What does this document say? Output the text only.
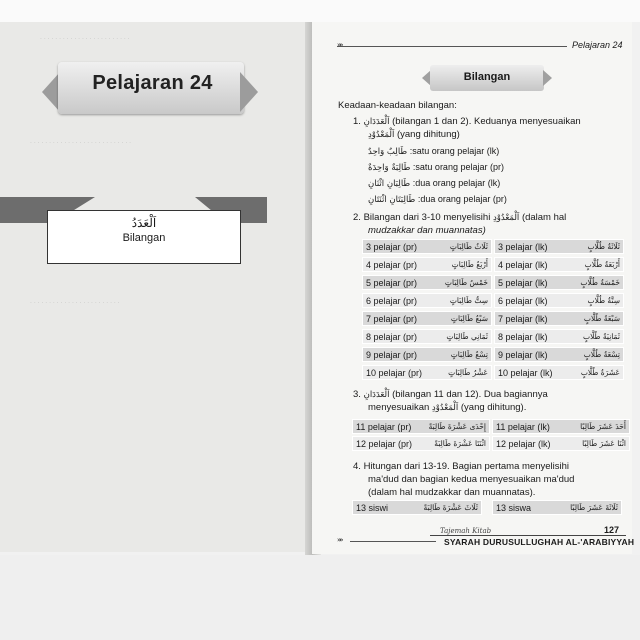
· · · · · · · · · · · · · · · · · · · · · · · ·
· · · · · · · · · · · · · · · · · · · · · · · · · · ·
· · · · · · · · · · · · · · · · · · · · · · · ·
Pelajaran 24
اَلْعَدَدُ
Bilangan
»»	Pelajaran 24
Bilangan
Keadaan-keadaan bilangan:
1. اَلْعَدَدَانِ (bilangan 1 dan 2). Keduanya menyesuaikan
اَلْمَعْدُوْدِ (yang dihitung)
طَالِبٌ وَاحِدٌ :satu orang pelajar (lk)
طَالِبَةٌ وَاحِدَةٌ :satu orang pelajar (pr)
طَالِبَانِ اثْنَانِ :dua orang pelajar (lk)
طَالِبَتَانِ اثْنَتَانِ :dua orang pelajar (pr)
2. Bilangan dari 3-10 menyelisihi اَلْمَعْدُوْدِ (dalam hal
mudzakkar dan muannatas)
3 pelajar (pr)	ثَلَاثُ طَالِبَاتٍ 3 pelajar (lk)	ثَلَاثَةُ طُلَّابٍ
4 pelajar (pr)	أَرْبَعُ طَالِبَاتٍ 4 pelajar (lk)	أَرْبَعَةُ طُلَّابٍ
5 pelajar (pr)	خَمْسُ طَالِبَاتٍ 5 pelajar (lk)	خَمْسَةُ طُلَّابٍ
6 pelajar (pr)	سِتُّ طَالِبَاتٍ 6 pelajar (lk)	سِتَّةُ طُلَّابٍ
7 pelajar (pr)	سَبْعُ طَالِبَاتٍ 7 pelajar (lk)	سَبْعَةُ طُلَّابٍ
8 pelajar (pr)	ثَمَانِي طَالِبَاتٍ 8 pelajar (lk)	ثَمَانِيَةُ طُلَّابٍ
9 pelajar (pr)	تِسْعُ طَالِبَاتٍ 9 pelajar (lk)	تِسْعَةُ طُلَّابٍ
10 pelajar (pr)	عَشْرُ طَالِبَاتٍ 10 pelajar (lk)	عَشَرَةُ طُلَّابٍ
3. اَلْعَدَدَانِ (bilangan 11 dan 12). Dua bagiannya
menyesuaikan اَلْمَعْدُوْدِ (yang dihitung).
11 pelajar (pr) إِحْدَى عَشْرَةَ طَالِبَةً 11 pelajar (lk)	أَحَدَ عَشَرَ طَالِبًا
12 pelajar (pr)	اثْنَتَا عَشْرَةَ طَالِبَةً 12 pelajar (lk)	اثْنَا عَشَرَ طَالِبًا
4. Hitungan dari 13-19. Bagian pertama menyelisihi
ma'dud dan bagian kedua menyesuaikan ma'dud
(dalam hal mudzakkar dan muannatas).
13 siswi	ثَلَاثَ عَشْرَةَ طَالِبَةً 13 siswa	ثَلَاثَةَ عَشَرَ طَالِبًا
Tajemah Kitab	127
»»	SYARAH DURUSULLUGHAH AL-'ARABIYYAH
